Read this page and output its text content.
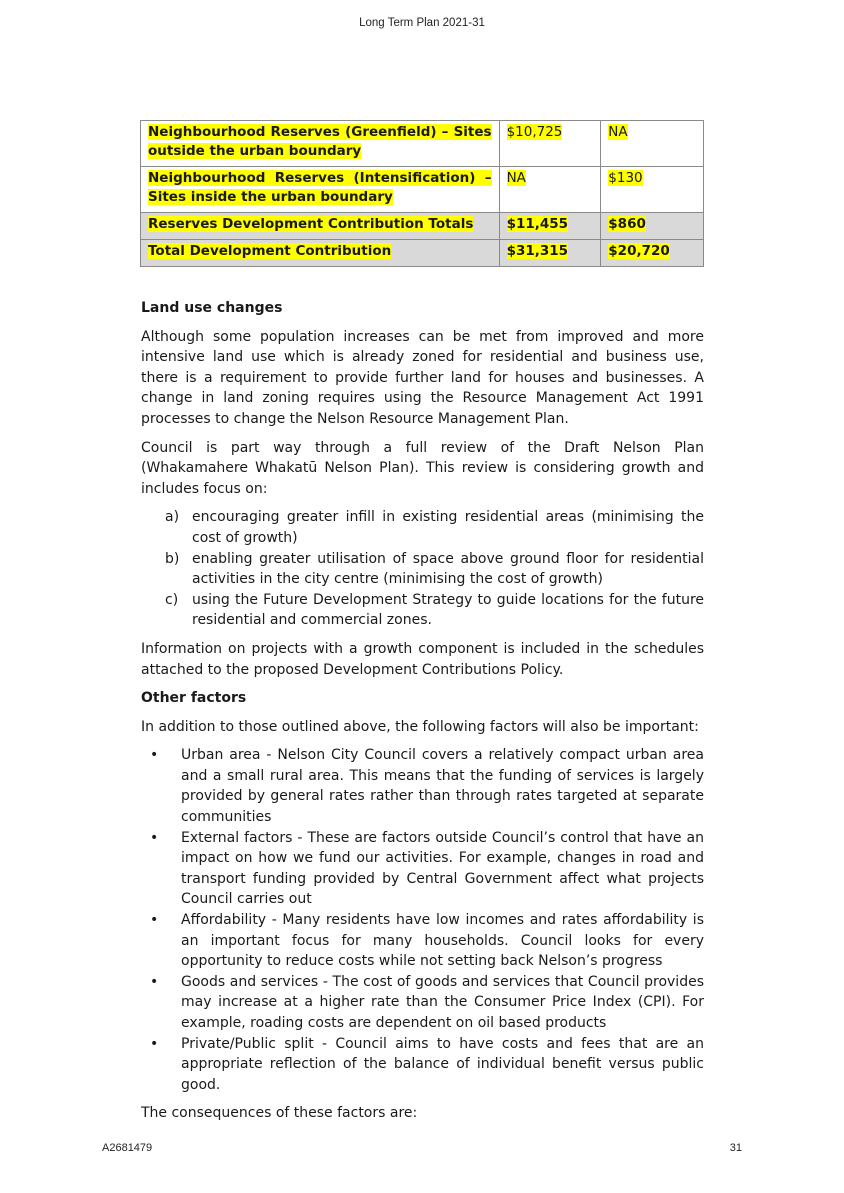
Long Term Plan 2021-31
Neighbourhood Reserves (Greenfield) – Sites outside the urban boundary	$10,725	NA
Neighbourhood Reserves (Intensification) – Sites inside the urban boundary	NA	$130
Reserves Development Contribution Totals	$11,455	$860
Total Development Contribution	$31,315	$20,720
Land use changes

Although some population increases can be met from improved and more intensive land use which is already zoned for residential and business use, there is a requirement to provide further land for houses and businesses. A change in land zoning requires using the Resource Management Act 1991 processes to change the Nelson Resource Management Plan.

Council is part way through a full review of the Draft Nelson Plan (Whakamahere Whakatū Nelson Plan). This review is considering growth and includes focus on:

a) encouraging greater infill in existing residential areas (minimising the cost of growth)
b) enabling greater utilisation of space above ground floor for residential activities in the city centre (minimising the cost of growth)
c) using the Future Development Strategy to guide locations for the future residential and commercial zones.

Information on projects with a growth component is included in the schedules attached to the proposed Development Contributions Policy.

Other factors

In addition to those outlined above, the following factors will also be important:

• Urban area - Nelson City Council covers a relatively compact urban area and a small rural area. This means that the funding of services is largely provided by general rates rather than through rates targeted at separate communities
• External factors - These are factors outside Council’s control that have an impact on how we fund our activities. For example, changes in road and transport funding provided by Central Government affect what projects Council carries out
• Affordability - Many residents have low incomes and rates affordability is an important focus for many households. Council looks for every opportunity to reduce costs while not setting back Nelson’s progress
• Goods and services - The cost of goods and services that Council provides may increase at a higher rate than the Consumer Price Index (CPI). For example, roading costs are dependent on oil based products
• Private/Public split - Council aims to have costs and fees that are an appropriate reflection of the balance of individual benefit versus public good.

The consequences of these factors are:

A2681479	31
